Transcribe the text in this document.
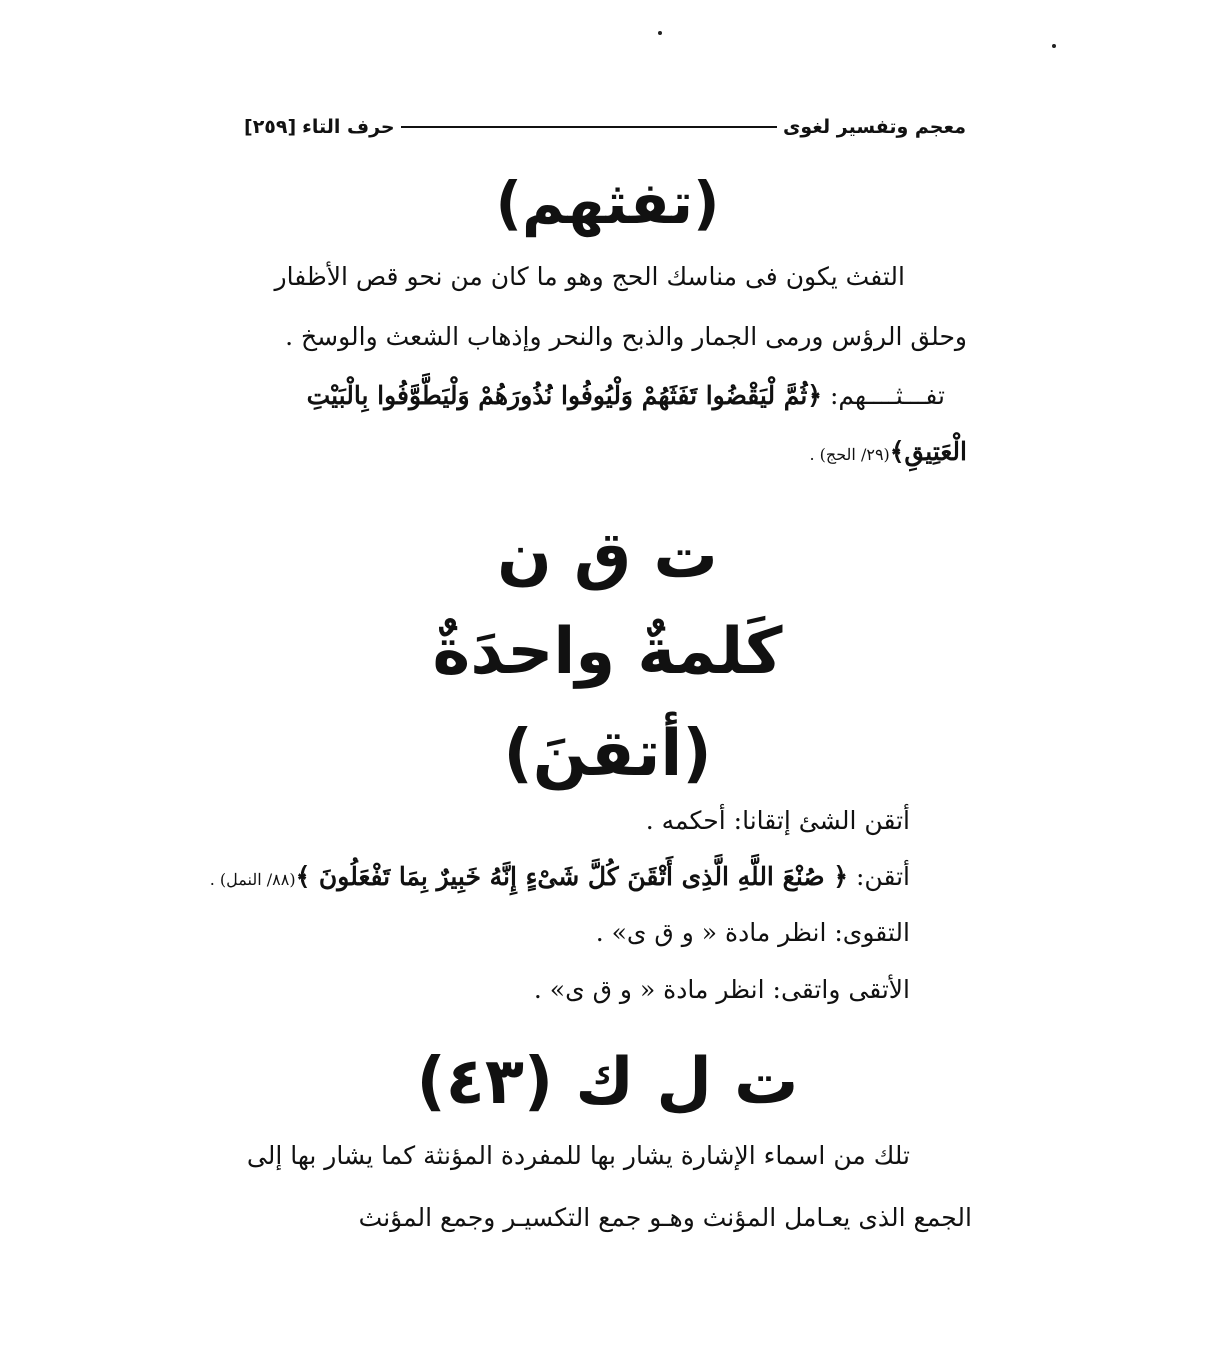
معجم وتفسير لغوى
حرف التاء
[٢٥٩]
(تفثهم)
التفث يكون فى مناسك الحج وهو ما كان من نحو قص الأظفار
وحلق الرؤس ورمى الجمار والذبح والنحر وإذهاب الشعث والوسخ .
تفـــثــــهم: ﴿ثُمَّ لْيَقْضُوا تَفَثَهُمْ وَلْيُوفُوا نُذُورَهُمْ وَلْيَطَّوَّفُوا بِالْبَيْتِ
الْعَتِيقِ﴾(٢٩/ الحج) .
ت ق ن
كَلمةٌ واحدَةٌ
(أتقنَ)
أتقن الشئ إتقانا: أحكمه .
أتقن: ﴿ صُنْعَ اللَّهِ الَّذِى أَتْقَنَ كُلَّ شَىْءٍ إِنَّهُ خَبِيرٌ بِمَا تَفْعَلُونَ ﴾(٨٨/ النمل) .
التقوى: انظر مادة « و ق ى» .
الأتقى واتقى: انظر مادة « و ق ى» .
ت ل ك (٤٣)
تلك من اسماء الإشارة يشار بها للمفردة المؤنثة كما يشار بها إلى
الجمع الذى يعـامل المؤنث وهـو جمع التكسيـر وجمع المؤنث
